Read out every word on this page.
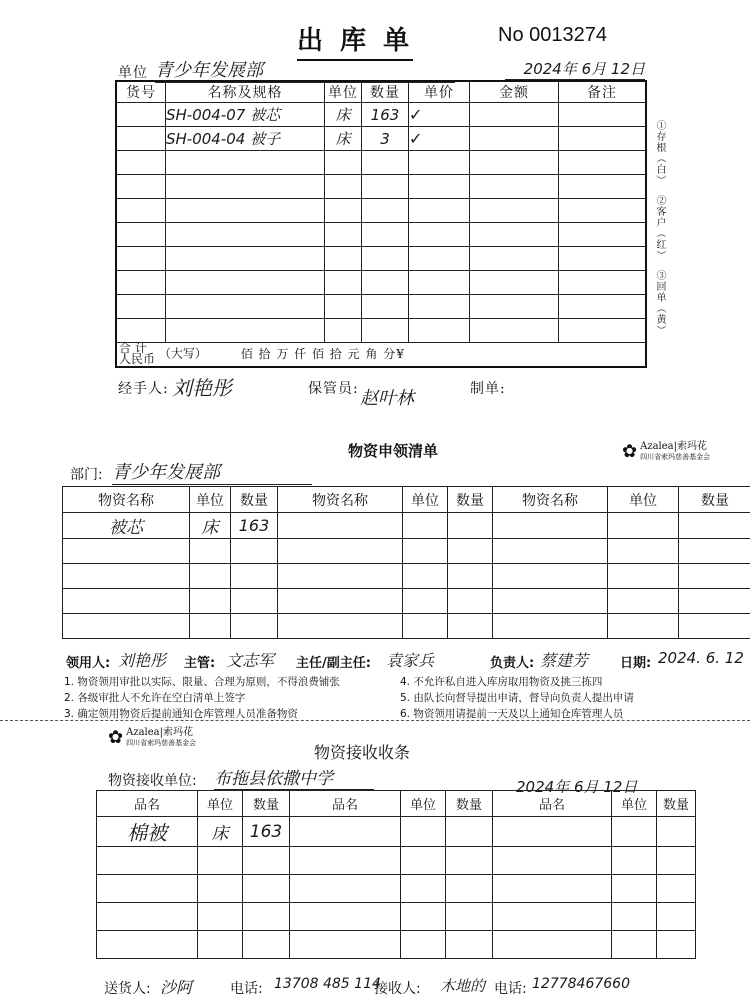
出 库 单	No 0013274
单位 青少年发展部	2024年 6月 12日
货号	名称及规格	单位	数量	单价	金额	备注
	SH-004-07 被芯	床	163	✓		
	SH-004-04 被子	床	3	✓		

合 计
人民币 （大写） 佰 拾 万 仟 佰 拾 元 角 分¥						
①存根（白）
②客户（红）
③回单（黄）
经手人: 刘艳彤	保管员: 赵叶林	制单:
物资申领清单	✿ Azalea|索玛花
四川省索玛慈善基金会
部门: 青少年发展部
物资名称	单位	数量	物资名称	单位	数量	物资名称	单位	数量
被芯	床	163						

领用人: 刘艳彤 主管: 文志军 主任/副主任: 袁家兵	负责人: 蔡建芳 日期: 2024. 6. 12
1. 物资领用审批以实际、限量、合理为原则，不得浪费铺张
2. 各级审批人不允许在空白清单上签字
3. 确定领用物资后提前通知仓库管理人员准备物资
4. 不允许私自进入库房取用物资及挑三拣四
5. 由队长向督导提出申请，督导向负责人提出申请
6. 物资领用请提前一天及以上通知仓库管理人员
✿ Azalea|索玛花
四川省索玛慈善基金会	物资接收收条
物资接收单位: 布拖县依撒中学	2024年 6月 12日
品名	单位	数量	品名	单位	数量	品名	单位	数量
棉被	床	163						

送货人: 沙阿	电话: 13708 485 114
接收人: 木地的 电话: 12778467660
